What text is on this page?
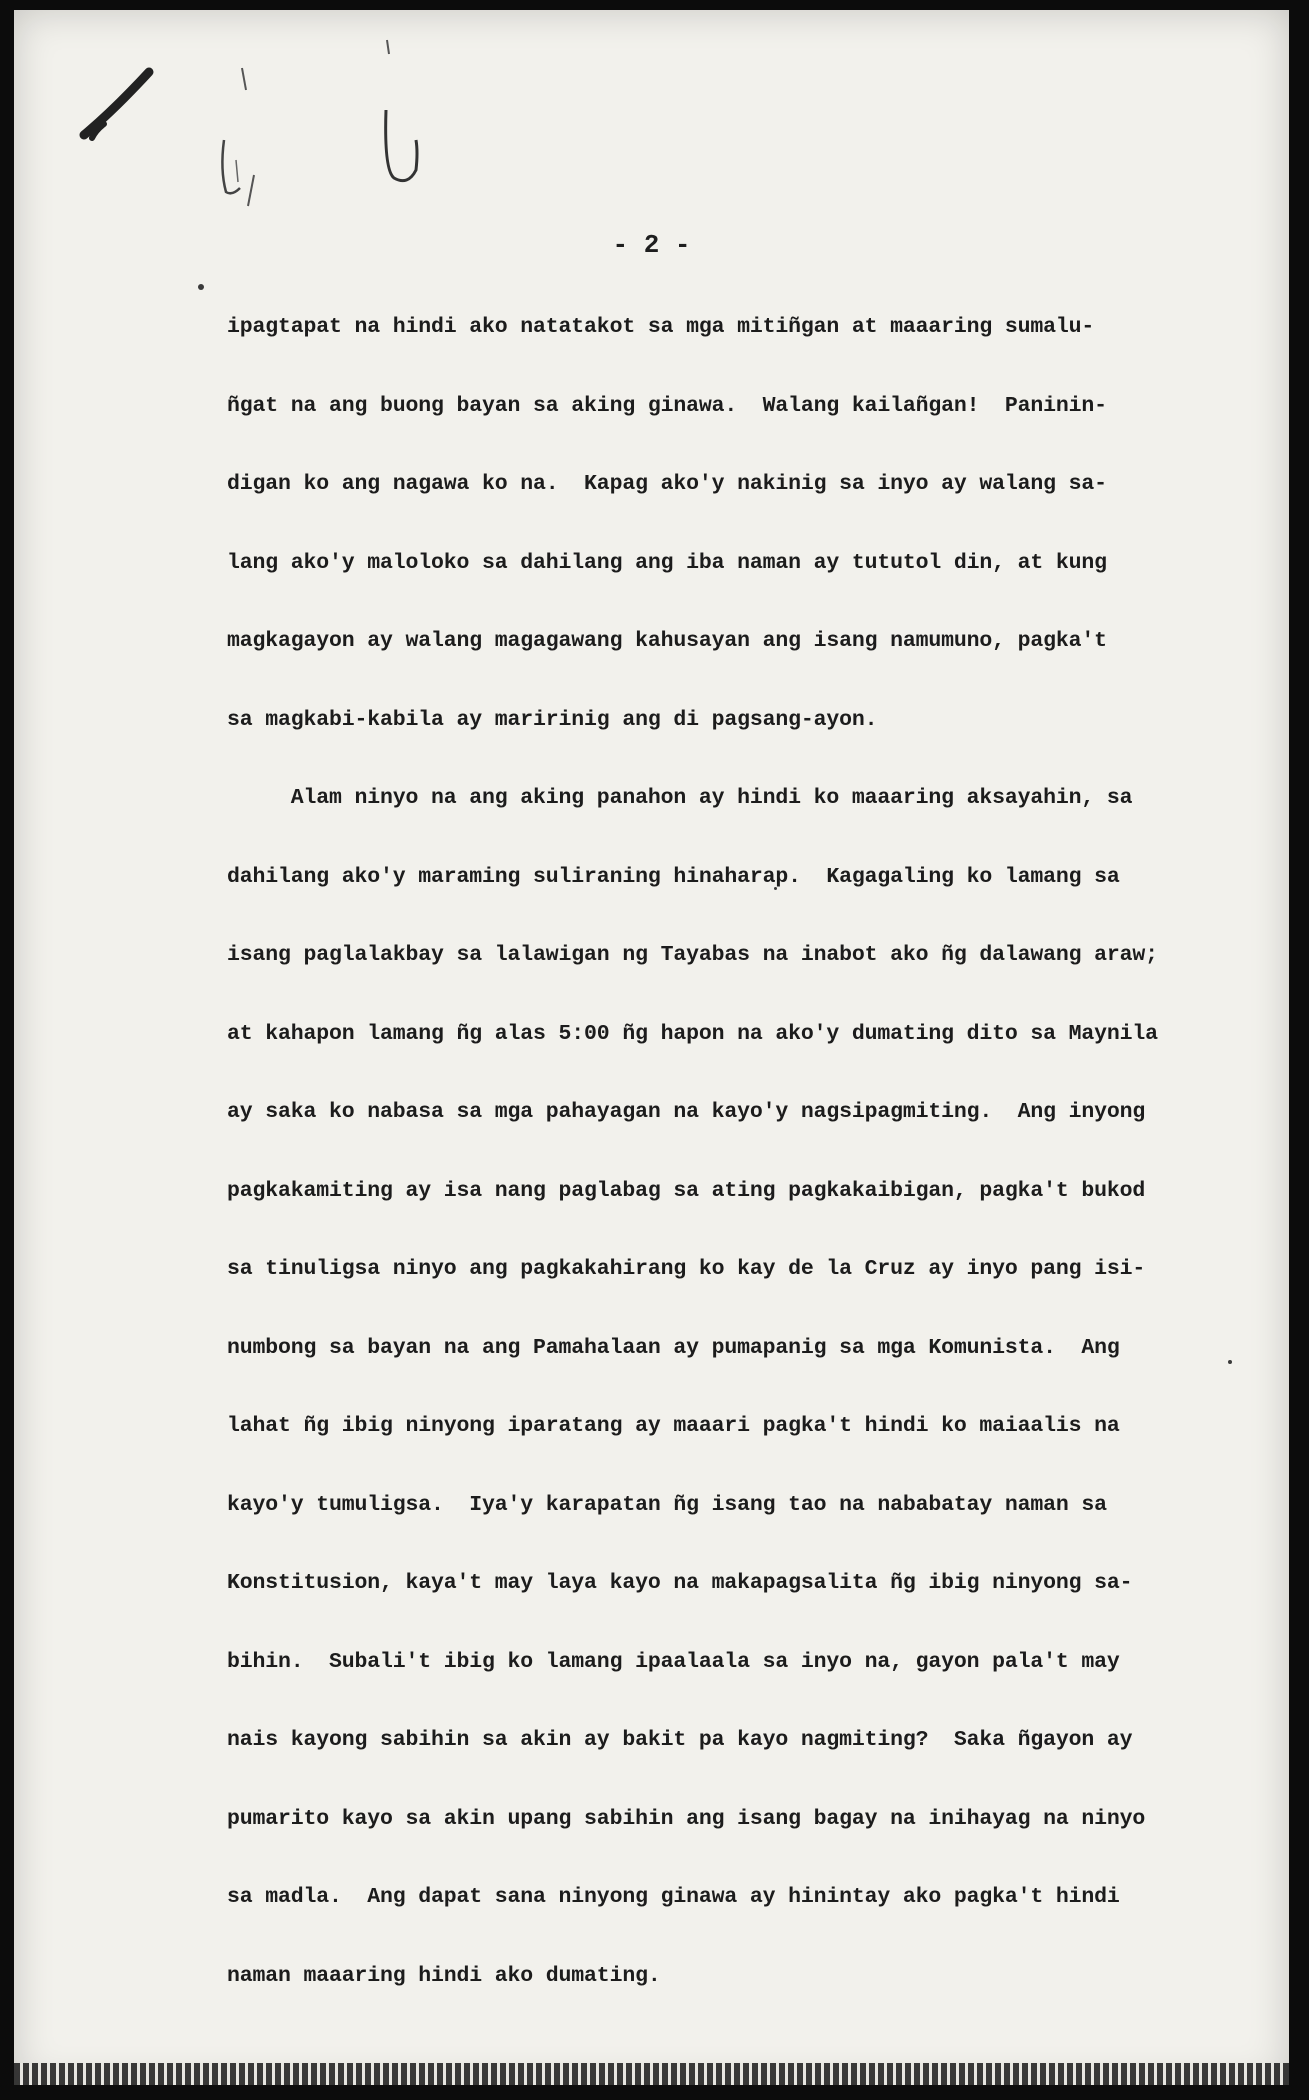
- 2 -

ipagtapat na hindi ako natatakot sa mga mitiñgan at maaaring sumalu-
ñgat na ang buong bayan sa aking ginawa.  Walang kailañgan!  Paninin-
digan ko ang nagawa ko na.  Kapag ako'y nakinig sa inyo ay walang sa-
lang ako'y maloloko sa dahilang ang iba naman ay tututol din, at kung
magkagayon ay walang magagawang kahusayan ang isang namumuno, pagka't
sa magkabi-kabila ay maririnig ang di pagsang-ayon.
Alam ninyo na ang aking panahon ay hindi ko maaaring aksayahin, sa
dahilang ako'y maraming suliraning hinaharap.  Kagagaling ko lamang sa
isang paglalakbay sa lalawigan ng Tayabas na inabot ako ñg dalawang araw;
at kahapon lamang ñg alas 5:00 ñg hapon na ako'y dumating dito sa Maynila
ay saka ko nabasa sa mga pahayagan na kayo'y nagsipagmiting.  Ang inyong
pagkakamiting ay isa nang paglabag sa ating pagkakaibigan, pagka't bukod
sa tinuligsa ninyo ang pagkakahirang ko kay de la Cruz ay inyo pang isi-
numbong sa bayan na ang Pamahalaan ay pumapanig sa mga Komunista.  Ang
lahat ñg ibig ninyong iparatang ay maaari pagka't hindi ko maiaalis na
kayo'y tumuligsa.  Iya'y karapatan ñg isang tao na nababatay naman sa
Konstitusion, kaya't may laya kayo na makapagsalita ñg ibig ninyong sa-
bihin.  Subali't ibig ko lamang ipaalaala sa inyo na, gayon pala't may
nais kayong sabihin sa akin ay bakit pa kayo nagmiting?  Saka ñgayon ay
pumarito kayo sa akin upang sabihin ang isang bagay na inihayag na ninyo
sa madla.  Ang dapat sana ninyong ginawa ay hinintay ako pagka't hindi
naman maaaring hindi ako dumating.
